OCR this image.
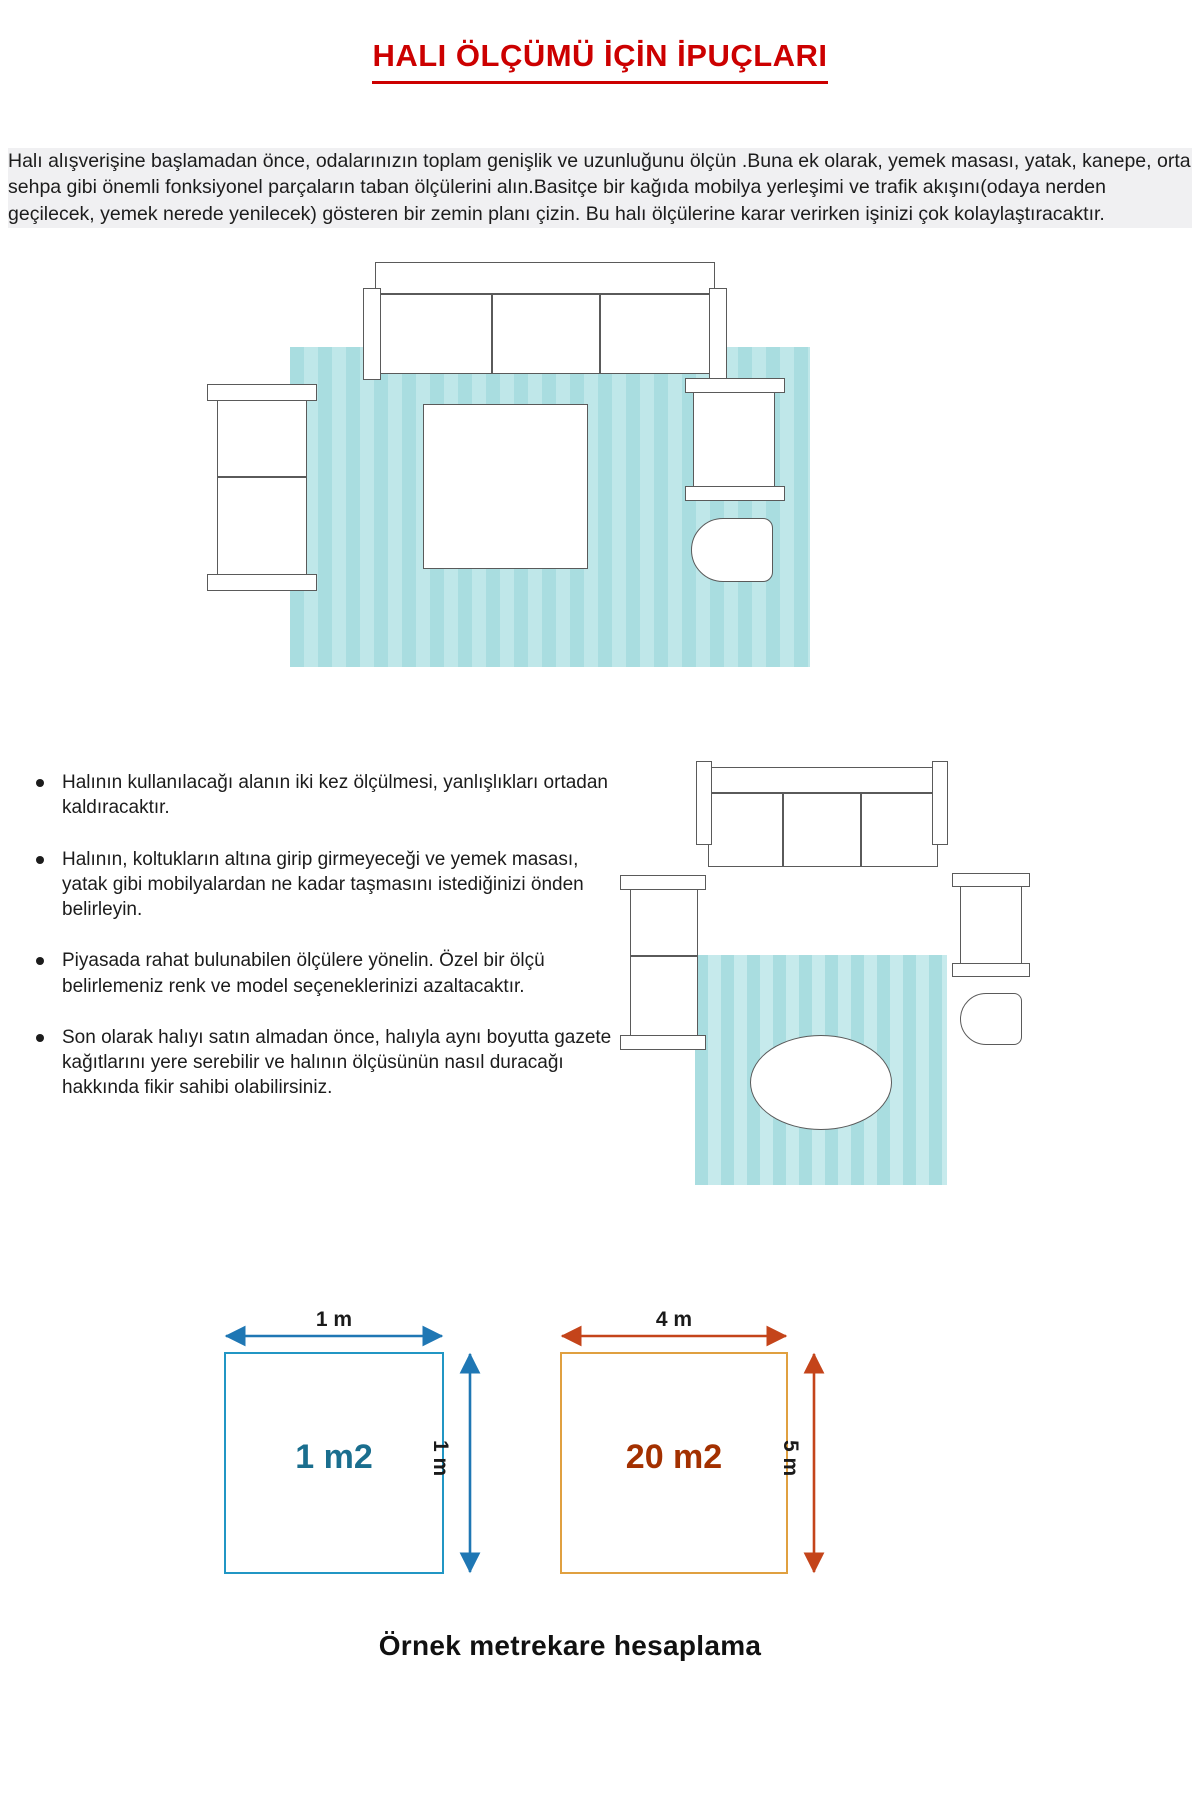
HALI ÖLÇÜMÜ İÇİN İPUÇLARI

Halı alışverişine başlamadan önce, odalarınızın toplam genişlik ve uzunluğunu ölçün .Buna ek olarak, yemek masası, yatak, kanepe, orta sehpa gibi önemli fonksiyonel parçaların taban ölçülerini alın.Basitçe bir kağıda mobilya yerleşimi ve trafik akışını(odaya nerden geçilecek, yemek nerede yenilecek) gösteren bir zemin planı çizin. Bu halı ölçülerine karar verirken işinizi çok kolaylaştıracaktır.

Halının kullanılacağı alanın iki kez ölçülmesi, yanlışlıkları ortadan kaldıracaktır.
Halının, koltukların altına girip girmeyeceği ve yemek masası, yatak gibi mobilyalardan ne kadar taşmasını istediğinizi önden belirleyin.
Piyasada rahat bulunabilen ölçülere yönelin. Özel bir ölçü belirlemeniz renk ve model seçeneklerinizi azaltacaktır.
Son olarak halıyı satın almadan önce, halıyla aynı boyutta gazete kağıtlarını yere serebilir ve halının ölçüsünün nasıl duracağı hakkında fikir sahibi olabilirsiniz.
1 m2	20 m2
1 m
1 m
4 m
5 m
Örnek metrekare hesaplama
